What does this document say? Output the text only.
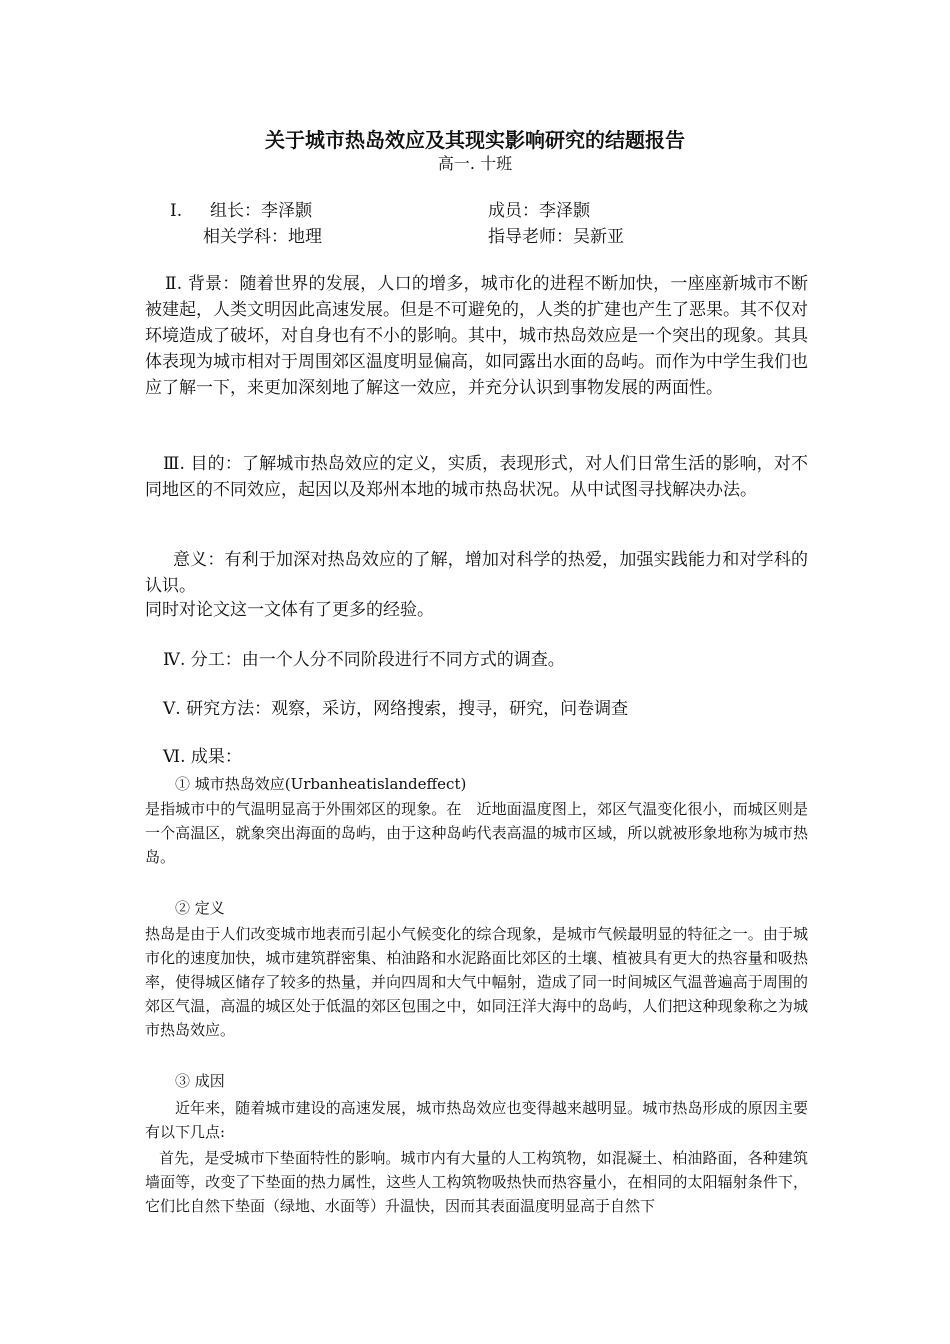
关于城市热岛效应及其现实影响研究的结题报告
高一. 十班
Ⅰ. 组长：李泽颢	成员：李泽颢
相关学科：地理	指导老师：吴新亚
Ⅱ. 背景：随着世界的发展，人口的增多，城市化的进程不断加快，一座座新城市不断被建起，人类文明因此高速发展。但是不可避免的，人类的扩建也产生了恶果。其不仅对环境造成了破坏，对自身也有不小的影响。其中，城市热岛效应是一个突出的现象。其具体表现为城市相对于周围郊区温度明显偏高，如同露出水面的岛屿。而作为中学生我们也应了解一下，来更加深刻地了解这一效应，并充分认识到事物发展的两面性。
Ⅲ. 目的：了解城市热岛效应的定义，实质，表现形式，对人们日常生活的影响，对不同地区的不同效应，起因以及郑州本地的城市热岛状况。从中试图寻找解决办法。
意义：有利于加深对热岛效应的了解，增加对科学的热爱，加强实践能力和对学科的认识。
同时对论文这一文体有了更多的经验。
Ⅳ. 分工：由一个人分不同阶段进行不同方式的调查。
Ⅴ. 研究方法：观察，采访，网络搜索，搜寻，研究，问卷调查
Ⅵ. 成果：
① 城市热岛效应(Urbanheatislandeffect)
是指城市中的气温明显高于外围郊区的现象。在　近地面温度图上，郊区气温变化很小，而城区则是一个高温区，就象突出海面的岛屿，由于这种岛屿代表高温的城市区域，所以就被形象地称为城市热岛。
② 定义
热岛是由于人们改变城市地表而引起小气候变化的综合现象，是城市气候最明显的特征之一。由于城市化的速度加快，城市建筑群密集、柏油路和水泥路面比郊区的土壤、植被具有更大的热容量和吸热率，使得城区储存了较多的热量，并向四周和大气中幅射，造成了同一时间城区气温普遍高于周围的郊区气温，高温的城区处于低温的郊区包围之中，如同汪洋大海中的岛屿，人们把这种现象称之为城市热岛效应。
③ 成因
近年来，随着城市建设的高速发展，城市热岛效应也变得越来越明显。城市热岛形成的原因主要有以下几点:
首先，是受城市下垫面特性的影响。城市内有大量的人工构筑物，如混凝土、柏油路面，各种建筑墙面等，改变了下垫面的热力属性，这些人工构筑物吸热快而热容量小，在相同的太阳辐射条件下，它们比自然下垫面（绿地、水面等）升温快，因而其表面温度明显高于自然下
